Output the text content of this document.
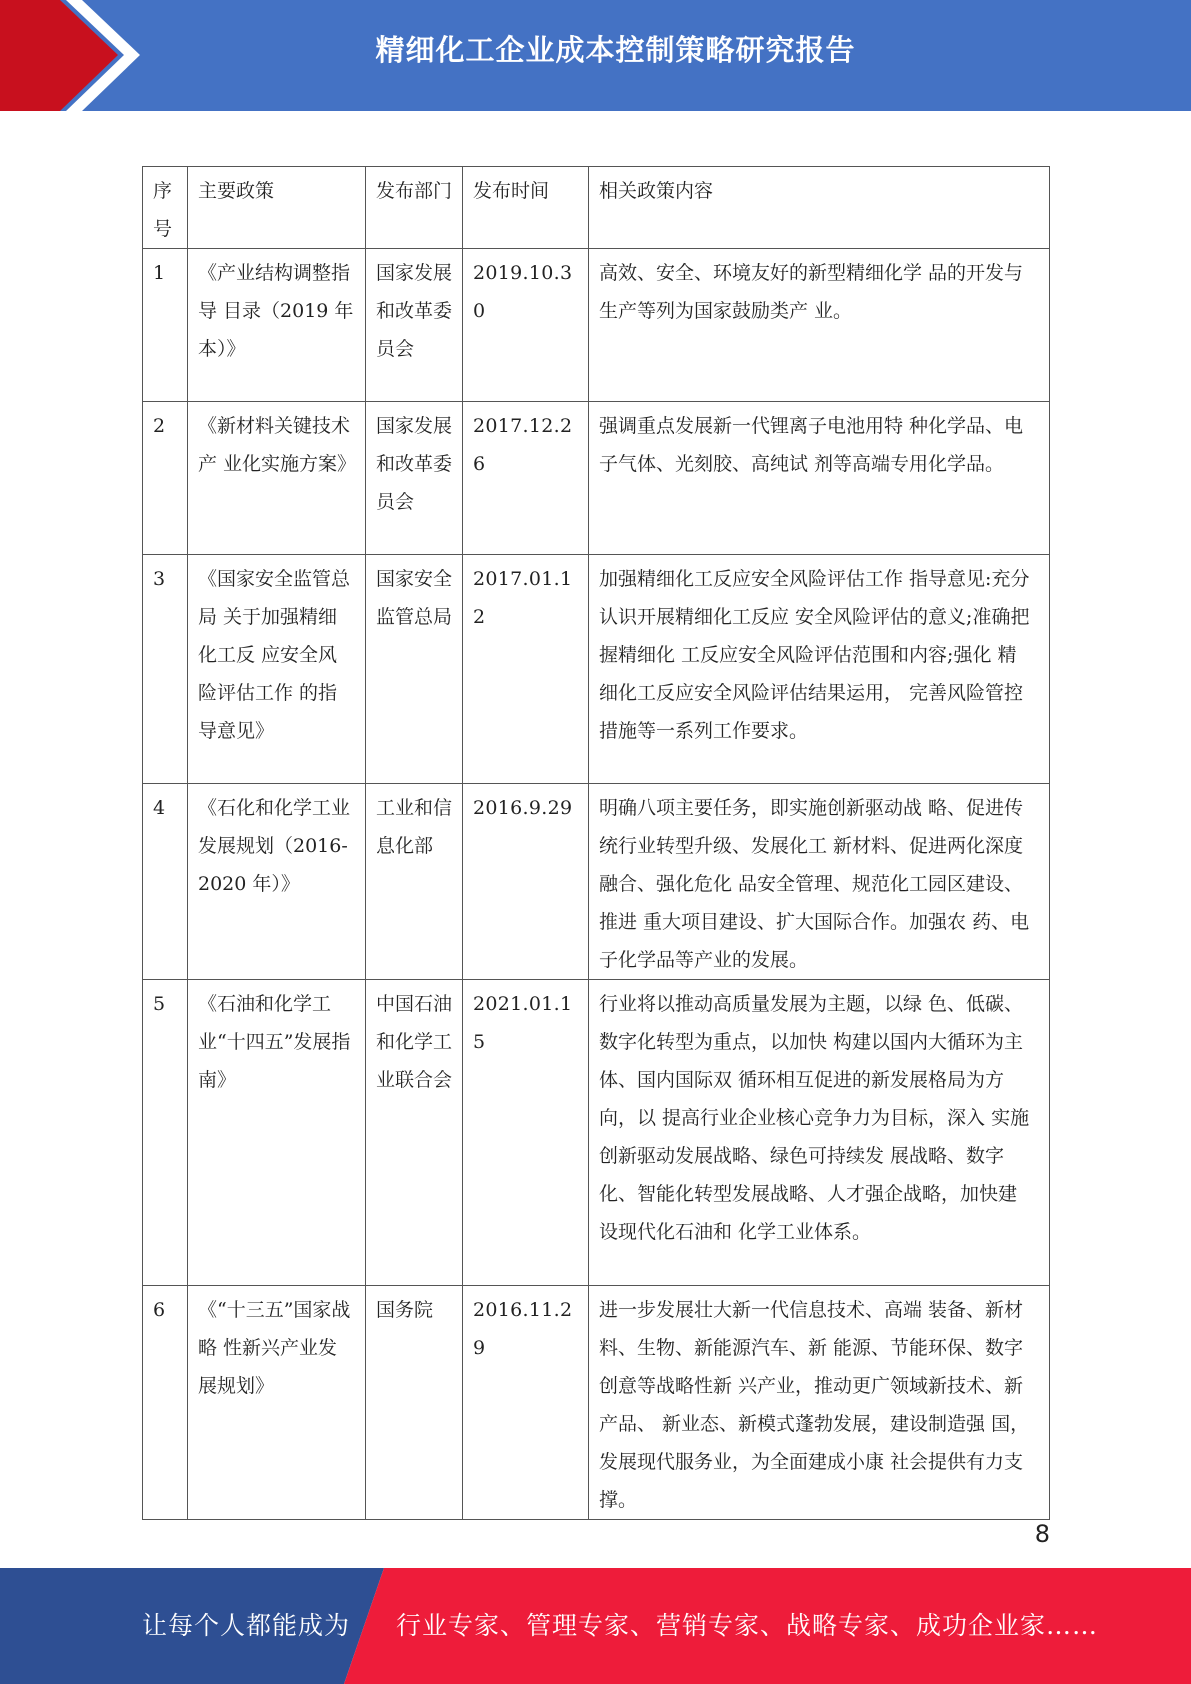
精细化工企业成本控制策略研究报告
序号	主要政策	发布部门	发布时间	相关政策内容
1	《产业结构调整指导 目录（2019 年本）》	国家发展 和改革委 员会	2019.10.30	高效、安全、环境友好的新型精细化学 品的开发与生产等列为国家鼓励类产 业。
2	《新材料关键技术产 业化实施方案》	国家发展 和改革委 员会	2017.12.26	强调重点发展新一代锂离子电池用特 种化学品、电子气体、光刻胶、高纯试 剂等高端专用化学品。
3	《国家安全监管总局 关于加强精细化工反 应安全风险评估工作 的指导意见》	国家安全 监管总局	2017.01.12	加强精细化工反应安全风险评估工作 指导意见:充分认识开展精细化工反应 安全风险评估的意义;准确把握精细化 工反应安全风险评估范围和内容;强化 精细化工反应安全风险评估结果运用， 完善风险管控措施等一系列工作要求。
4	《石化和化学工业发展规划（2016-2020 年）》	工业和信息化部	2016.9.29	明确八项主要任务，即实施创新驱动战 略、促进传统行业转型升级、发展化工 新材料、促进两化深度融合、强化危化 品安全管理、规范化工园区建设、推进 重大项目建设、扩大国际合作。加强农 药、电子化学品等产业的发展。
5	《石油和化学工业“十四五”发展指 南》	中国石油 和化学工 业联合会	2021.01.15	行业将以推动高质量发展为主题，以绿 色、低碳、数字化转型为重点，以加快 构建以国内大循环为主体、国内国际双 循环相互促进的新发展格局为方向，以 提高行业企业核心竞争力为目标，深入 实施创新驱动发展战略、绿色可持续发 展战略、数字化、智能化转型发展战略、人才强企战略，加快建设现代化石油和 化学工业体系。
6	《“十三五”国家战略 性新兴产业发展规划》	国务院	2016.11.29	进一步发展壮大新一代信息技术、高端 装备、新材料、生物、新能源汽车、新 能源、节能环保、数字创意等战略性新 兴产业，推动更广领域新技术、新产品、 新业态、新模式蓬勃发展，建设制造强 国，发展现代服务业，为全面建成小康 社会提供有力支撑。
8
让每个人都能成为 行业专家、管理专家、营销专家、战略专家、成功企业家……
